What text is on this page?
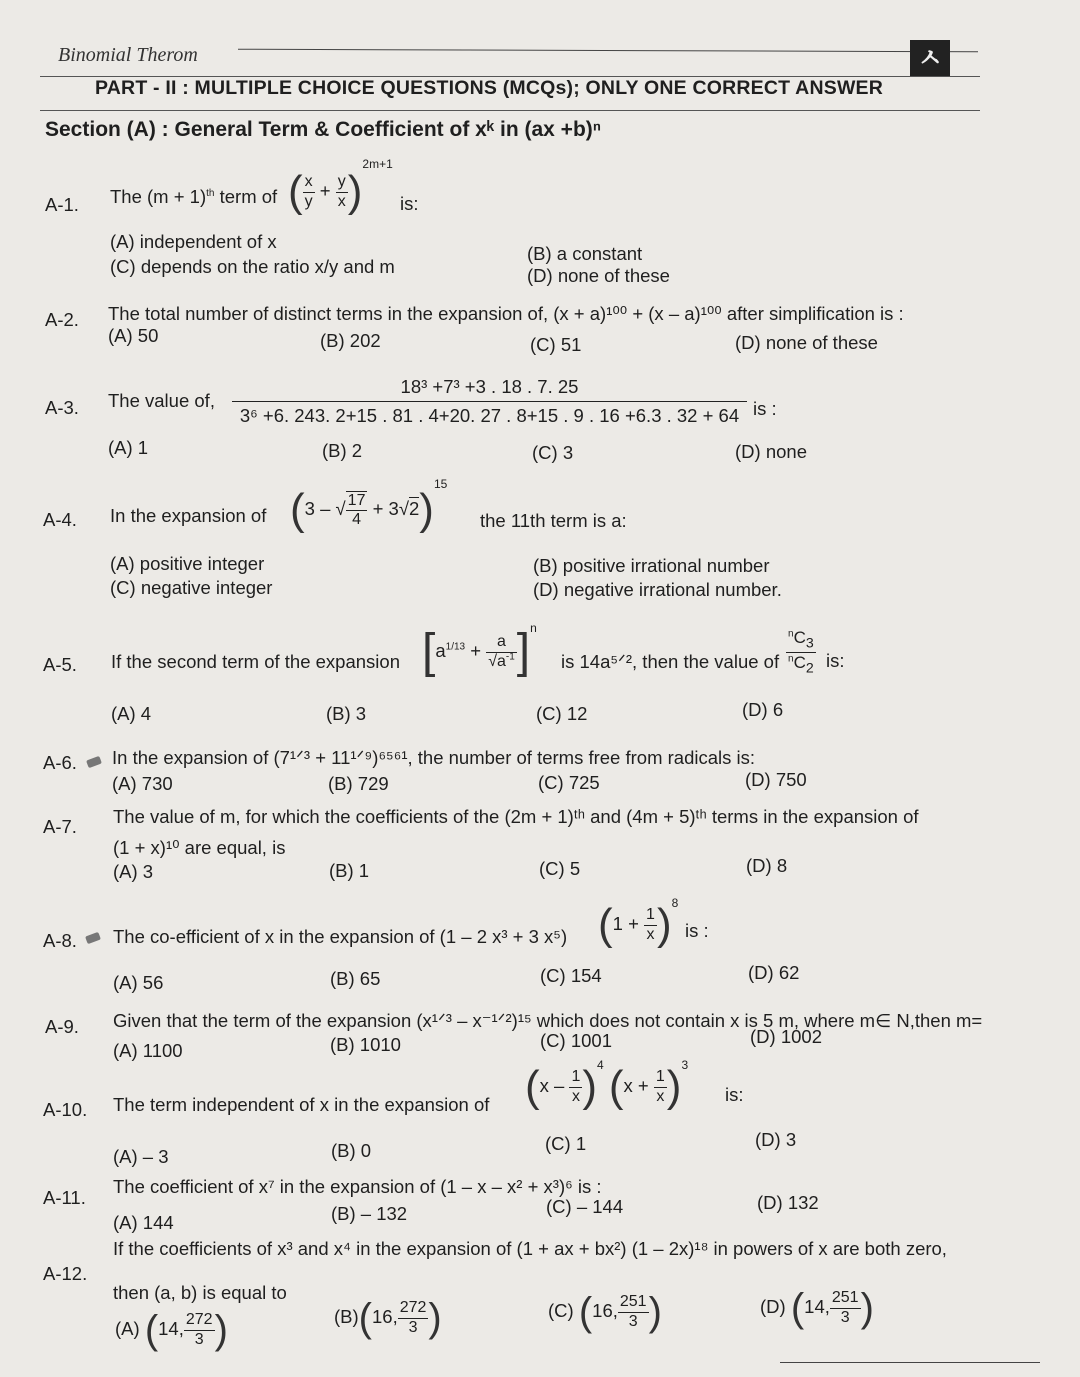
Binomial Therom	ㅅ
PART - II : MULTIPLE CHOICE QUESTIONS (MCQs); ONLY ONE CORRECT ANSWER
Section (A) : General Term & Coefficient of xᵏ in (ax +b)ⁿ
A-1. The $(m + 1)^{th}$ term of ( $\frac{x}{y} + \frac{y}{x} )^{2m+1}$
is:
(A) independent of x
(B) a constant
(C) depends on the ratio x/y and m	(D) none of these
A-2. The total number of distinct terms in the expansion of, (x + a)¹⁰⁰ + (x – a)¹⁰⁰ after simplification is :
(A) 50	(B) 202	(C) 51	(D) none of these
A-3. The value of,
18³ +7³ +3 . 18 . 7. 25
3⁶ +6. 243. 2+15 . 81 . 4+20. 27 . 8+15 . 9 . 16 +6.3 . 32 + 64 is :
(A) 1	(B) 2	(C) 3	(D) none
A-4. In the expansion of (3 – √ $\frac{17}{4} + 3√2)^{15}$
the 11th term is a:
(A) positive integer	(B) positive irrational number
(C) negative integer	(D) negative irrational number.
A-5. If the second term of the expansion $[a^{1/13} + \frac{a}{√a^{-1}} ]^n$
is 14a⁵ᐟ², then the value of $\frac{^nC_3}{^nC_2}$ is:
(A) 4	(B) 3	(C) 12	(D) 6
A-6. In the expansion of (7¹ᐟ³ + 11¹ᐟ⁹)⁶⁵⁶¹, the number of terms free from radicals is:
(A) 730	(B) 729	(C) 725	(D) 750
A-7. The value of m, for which the coefficients of the (2m + 1)ᵗʰ and (4m + 5)ᵗʰ terms in the expansion of
(1 + x)¹⁰ are equal, is
(A) 3	(B) 1	(C) 5	(D) 8
A-8. The co-efficient of x in the expansion of (1 – 2 x³ + 3 x⁵) $(1 + \frac{1}{x} )^8$
is :
(A) 56	(B) 65	(C) 154	(D) 62
A-9. Given that the term of the expansion (x¹ᐟ³ – x⁻¹ᐟ²)¹⁵ which does not contain x is 5 m, where m∈ N,then m=
(A) 1100	(B) 1010	(C) 1001	(D) 1002
A-10. The term independent of x in the expansion of $(x - \frac{1}{x} )^4$ $(x + \frac{1}{x} )^3$
is:
(A) – 3	(B) 0	(C) 1	(D) 3
A-11.
The coefficient of x⁷ in the expansion of (1 – x – x² + x³)⁶ is :
(A) 144	(B) – 132	(C) – 144	(D) 132
A-12.
If the coefficients of x³ and x⁴ in the expansion of (1 + ax + bx²) (1 – 2x)¹⁸ in powers of x are both zero,
then (a, b) is equal to
(A) (14, $\frac{272}{3}$ )	(B)(16, $\frac{272}{3}$ )	(C) (16, $\frac{251}{3}$ )	(D) (14, $\frac{251}{3}$ )
